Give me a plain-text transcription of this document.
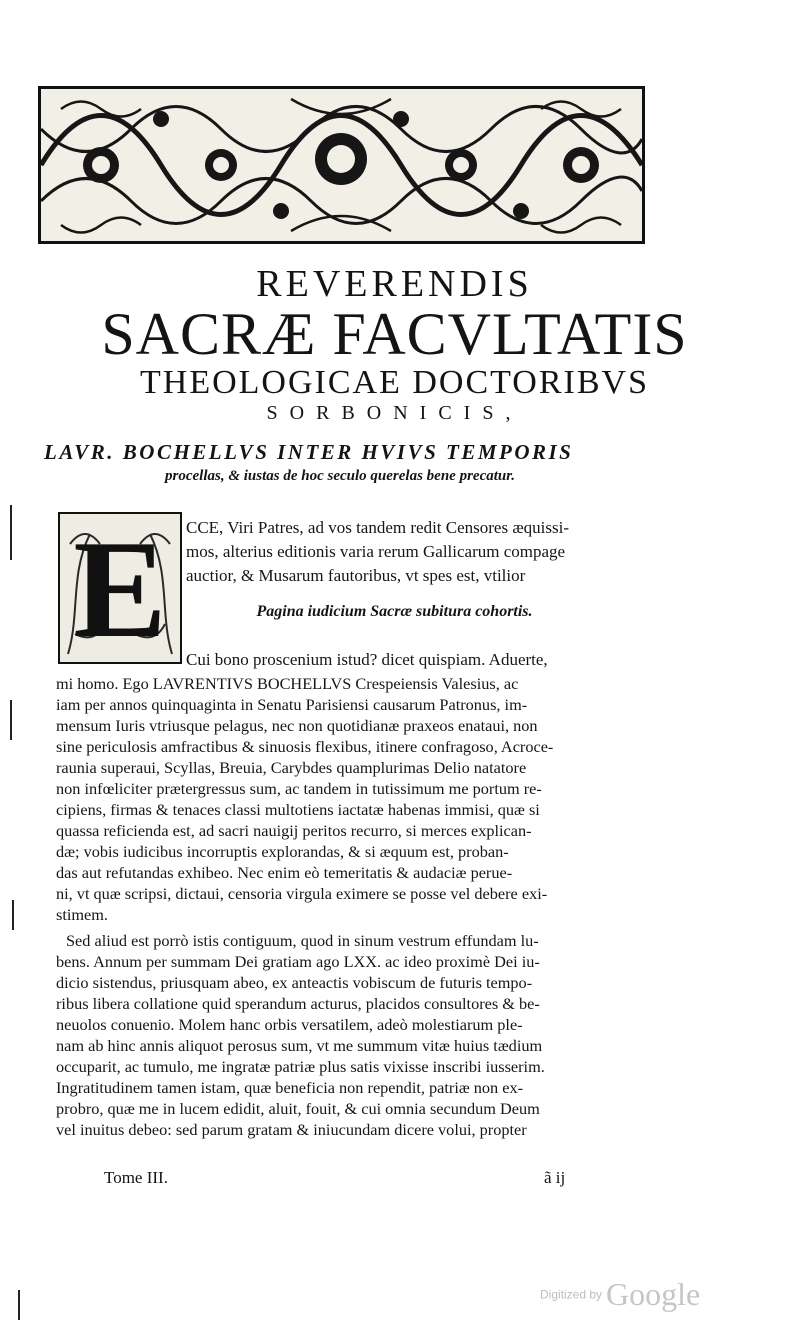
REVERENDIS
SACRÆ FACVLTATIS
THEOLOGICAE DOCTORIBVS
SORBONICIS,
LAVR. BOCHELLVS INTER HVIVS TEMPORIS
procellas, & iustas de hoc seculo querelas bene precatur.
E	CCE, Viri Patres, ad vos tandem redit Censores æquissi-
mos, alterius editionis varia rerum Gallicarum compage
auctior, & Musarum fautoribus, vt spes est, vtilior
Pagina iudicium Sacræ subitura cohortis.
Cui bono proscenium istud? dicet quispiam. Aduerte,
mi homo. Ego LAVRENTIVS BOCHELLVS Crespeiensis Valesius, ac
iam per annos quinquaginta in Senatu Parisiensi causarum Patronus, im-
mensum Iuris vtriusque pelagus, nec non quotidianæ praxeos enataui, non
sine periculosis amfractibus & sinuosis flexibus, itinere confragoso, Acroce-
raunia superaui, Scyllas, Breuia, Carybdes quamplurimas Delio natatore
non infœliciter prætergressus sum, ac tandem in tutissimum me portum re-
cipiens, firmas & tenaces classi multotiens iactatæ habenas immisi, quæ si
quassa reficienda est, ad sacri nauigij peritos recurro, si merces explican-
dæ; vobis iudicibus incorruptis explorandas, & si æquum est, proban-
das aut refutandas exhibeo. Nec enim eò temeritatis & audaciæ perue-
ni, vt quæ scripsi, dictaui, censoria virgula eximere se posse vel debere exi-
stimem.
Sed aliud est porrò istis contiguum, quod in sinum vestrum effundam lu-
bens. Annum per summam Dei gratiam ago LXX. ac ideo proximè Dei iu-
dicio sistendus, priusquam abeo, ex anteactis vobiscum de futuris tempo-
ribus libera collatione quid sperandum acturus, placidos consultores & be-
neuolos conuenio. Molem hanc orbis versatilem, adeò molestiarum ple-
nam ab hinc annis aliquot perosus sum, vt me summum vitæ huius tædium
occuparit, ac tumulo, me ingratæ patriæ plus satis vixisse inscribi iusserim.
Ingratitudinem tamen istam, quæ beneficia non rependit, patriæ non ex-
probro, quæ me in lucem edidit, aluit, fouit, & cui omnia secundum Deum
vel inuitus debeo: sed parum gratam & iniucundam dicere volui, propter
Tome III.	ã ij
Digitized by Google
